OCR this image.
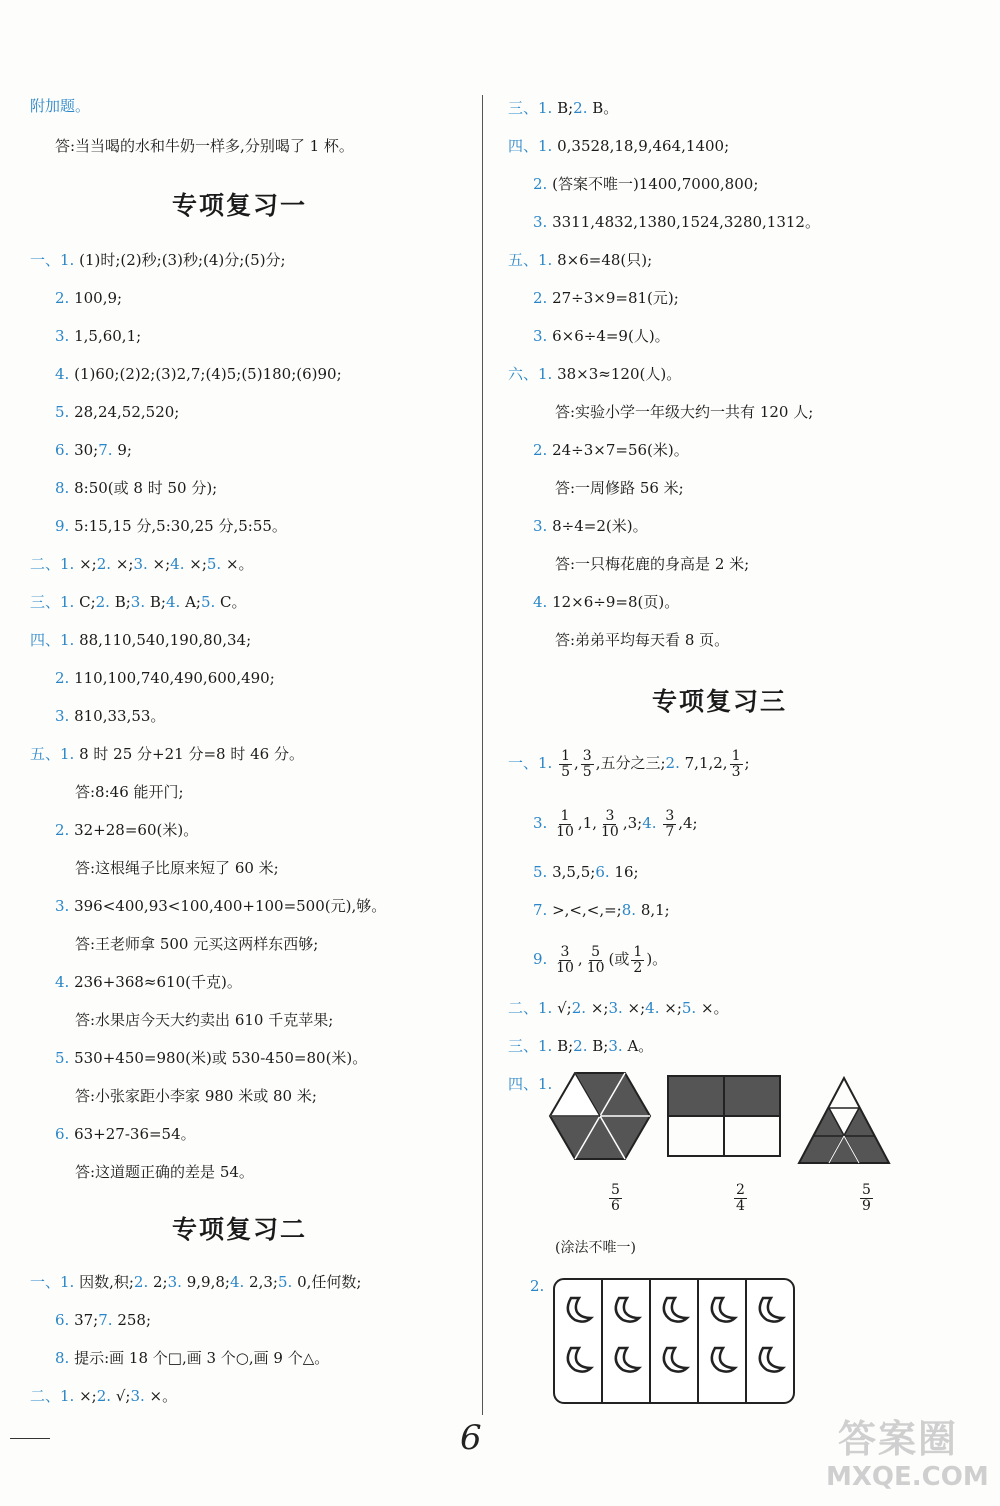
附加题。
答:当当喝的水和牛奶一样多,分别喝了 1 杯。
专项复习一
一、1. (1)时;(2)秒;(3)秒;(4)分;(5)分;
2. 100,9;
3. 1,5,60,1;
4. (1)60;(2)2;(3)2,7;(4)5;(5)180;(6)90;
5. 28,24,52,520;
6. 30;7. 9;
8. 8:50(或 8 时 50 分);
9. 5:15,15 分,5:30,25 分,5:55。
二、1. ×;2. ×;3. ×;4. ×;5. ×。
三、1. C;2. B;3. B;4. A;5. C。
四、1. 88,110,540,190,80,34;
2. 110,100,740,490,600,490;
3. 810,33,53。
五、1. 8 时 25 分+21 分=8 时 46 分。
答:8:46 能开门;
2. 32+28=60(米)。
答:这根绳子比原来短了 60 米;
3. 396<400,93<100,400+100=500(元),够。
答:王老师拿 500 元买这两样东西够;
4. 236+368≈610(千克)。
答:水果店今天大约卖出 610 千克苹果;
5. 530+450=980(米)或 530-450=80(米)。
答:小张家距小李家 980 米或 80 米;
6. 63+27-36=54。
答:这道题正确的差是 54。
专项复习二
一、1. 因数,积;2. 2;3. 9,9,8;4. 2,3;5. 0,任何数;
6. 37;7. 258;
8. 提示:画 18 个□,画 3 个○,画 9 个△。
二、1. ×;2. √;3. ×。
三、1. B;2. B。
四、1. 0,3528,18,9,464,1400;
2. (答案不唯一)1400,7000,800;
3. 3311,4832,1380,1524,3280,1312。
五、1. 8×6=48(只);
2. 27÷3×9=81(元);
3. 6×6÷4=9(人)。
六、1. 38×3≈120(人)。
答:实验小学一年级大约一共有 120 人;
2. 24÷3×7=56(米)。
答:一周修路 56 米;
3. 8÷4=2(米)。
答:一只梅花鹿的身高是 2 米;
4. 12×6÷9=8(页)。
答:弟弟平均每天看 8 页。
专项复习三
一、1. $\frac{1}{5}$ , $\frac{3}{5}$ ,五分之三;2. 7,1,2, $\frac{1}{3}$ ;
3. $\frac{1}{10} ,1$, $\frac{3}{10}$ ,3;4. $\frac{3}{7} ,4$;
5. 3,5,5;6. 16;
7. >,<,<,=;8. 8,1;
9. $\frac{3}{10}$ , $\frac{5}{10}$ (或 $\frac{1}{2}$ )。
二、1. √;2. ×;3. ×;4. ×;5. ×。
三、1. B;2. B;3. A。
四、1.
$\frac{5}{6}$	$\frac{2}{4}$	$\frac{5}{9}$
(涂法不唯一)
2.
6	答案圈
MXQE.COM
